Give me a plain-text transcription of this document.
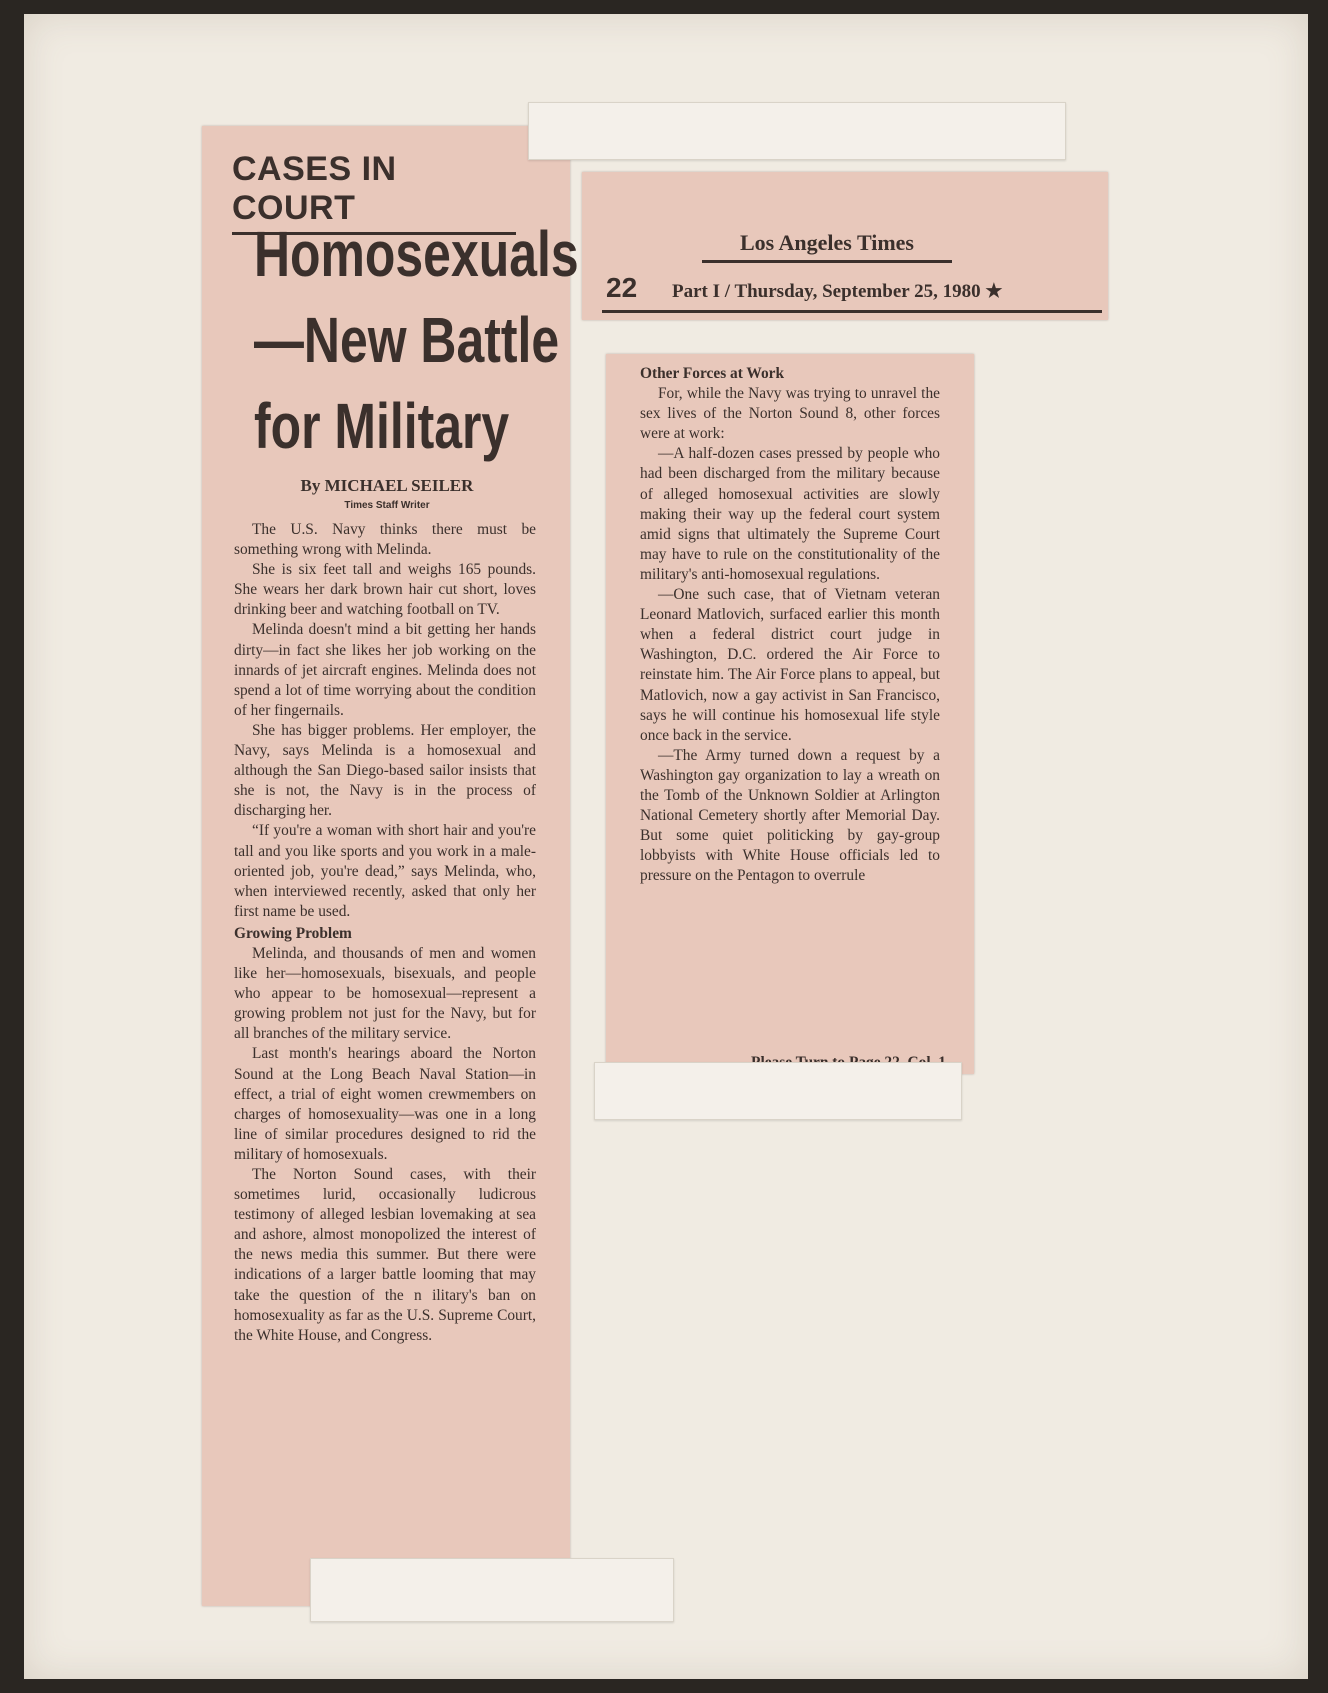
CASES IN COURT
Homosexuals
—New Battle
for Military
By MICHAEL SEILER
Times Staff Writer

The U.S. Navy thinks there must be something wrong with Melinda.

She is six feet tall and weighs 165 pounds. She wears her dark brown hair cut short, loves drinking beer and watching football on TV.

Melinda doesn't mind a bit getting her hands dirty—in fact she likes her job working on the innards of jet aircraft engines. Melinda does not spend a lot of time worrying about the condition of her fingernails.

She has bigger problems. Her employer, the Navy, says Melinda is a homosexual and although the San Diego-based sailor insists that she is not, the Navy is in the process of discharging her.

“If you're a woman with short hair and you're tall and you like sports and you work in a male-oriented job, you're dead,” says Melinda, who, when interviewed recently, asked that only her first name be used.

Growing Problem

Melinda, and thousands of men and women like her—homosexuals, bisexuals, and people who appear to be homosexual—represent a growing problem not just for the Navy, but for all branches of the military service.

Last month's hearings aboard the Norton Sound at the Long Beach Naval Station—in effect, a trial of eight women crewmembers on charges of homosexuality—was one in a long line of similar procedures designed to rid the military of homosexuals.

The Norton Sound cases, with their sometimes lurid, occasionally ludicrous testimony of alleged lesbian lovemaking at sea and ashore, almost monopolized the interest of the news media this summer. But there were indications of a larger battle looming that may take the question of the n ilitary's ban on homosexuality as far as the U.S. Supreme Court, the White House, and Congress.

Los Angeles Times
22 Part I / Thursday, September 25, 1980 ★
Other Forces at Work

For, while the Navy was trying to unravel the sex lives of the Norton Sound 8, other forces were at work:

—A half-dozen cases pressed by people who had been discharged from the military because of alleged homosexual activities are slowly making their way up the federal court system amid signs that ultimately the Supreme Court may have to rule on the constitutionality of the military's anti-homosexual regulations.

—One such case, that of Vietnam veteran Leonard Matlovich, surfaced earlier this month when a federal district court judge in Washington, D.C. ordered the Air Force to reinstate him. The Air Force plans to appeal, but Matlovich, now a gay activist in San Francisco, says he will continue his homosexual life style once back in the service.

—The Army turned down a request by a Washington gay organization to lay a wreath on the Tomb of the Unknown Soldier at Arlington National Cemetery shortly after Memorial Day. But some quiet politicking by gay-group lobbyists with White House officials led to pressure on the Pentagon to overrule
